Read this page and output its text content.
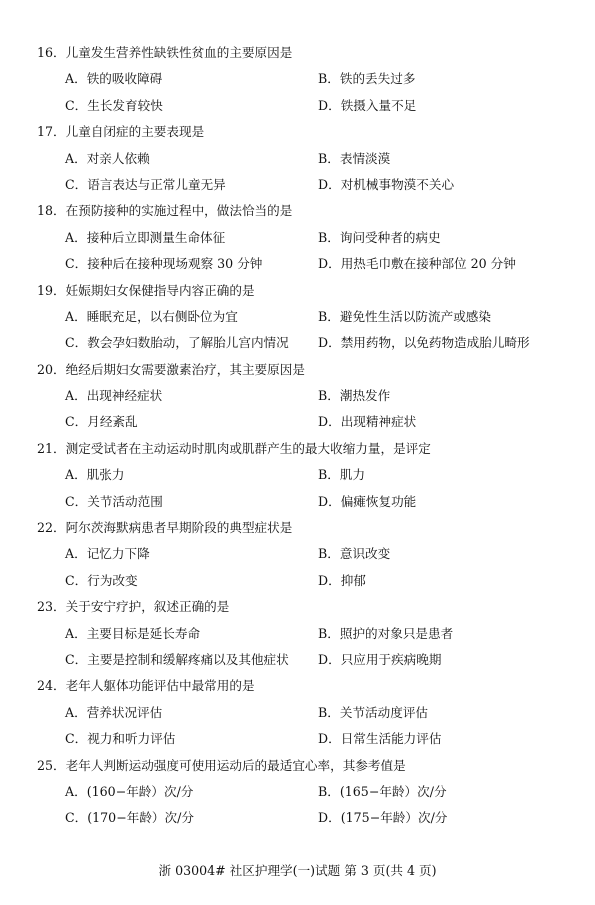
16．儿童发生营养性缺铁性贫血的主要原因是
A．铁的吸收障碍	B．铁的丢失过多
C．生长发育较快	D．铁摄入量不足
17．儿童自闭症的主要表现是
A．对亲人依赖	B．表情淡漠
C．语言表达与正常儿童无异	D．对机械事物漠不关心
18．在预防接种的实施过程中，做法恰当的是
A．接种后立即测量生命体征	B．询问受种者的病史
C．接种后在接种现场观察 30 分钟	D．用热毛巾敷在接种部位 20 分钟
19．妊娠期妇女保健指导内容正确的是
A．睡眠充足，以右侧卧位为宜	B．避免性生活以防流产或感染
C．教会孕妇数胎动，了解胎儿宫内情况 D．禁用药物，以免药物造成胎儿畸形
20．绝经后期妇女需要激素治疗，其主要原因是
A．出现神经症状	B．潮热发作
C．月经紊乱	D．出现精神症状
21．测定受试者在主动运动时肌肉或肌群产生的最大收缩力量，是评定
A．肌张力	B．肌力
C．关节活动范围	D．偏瘫恢复功能
22．阿尔茨海默病患者早期阶段的典型症状是
A．记忆力下降	B．意识改变
C．行为改变	D．抑郁
23．关于安宁疗护，叙述正确的是
A．主要目标是延长寿命	B．照护的对象只是患者
C．主要是控制和缓解疼痛以及其他症状 D．只应用于疾病晚期
24．老年人躯体功能评估中最常用的是
A．营养状况评估	B．关节活动度评估
C．视力和听力评估	D．日常生活能力评估
25．老年人判断运动强度可使用运动后的最适宜心率，其参考值是
A．(160−年龄）次/分	B．(165−年龄）次/分
C．(170−年龄）次/分	D．(175−年龄）次/分
浙 03004# 社区护理学(一)试题 第 3 页(共 4 页)
